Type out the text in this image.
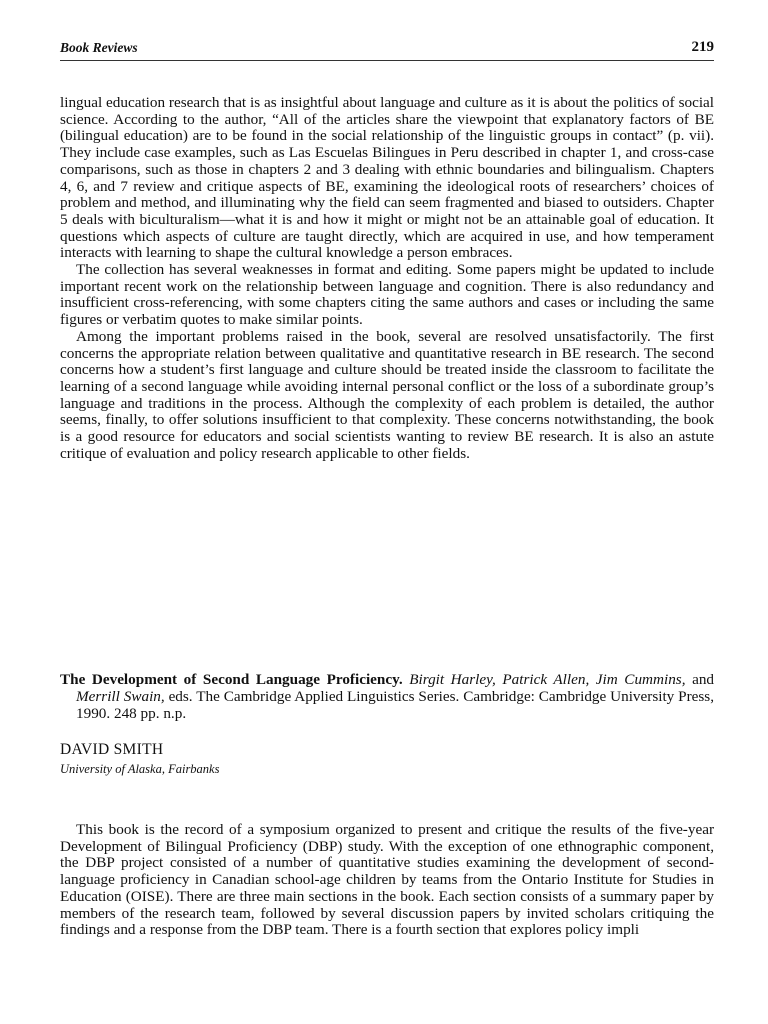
Book Reviews	219

lingual education research that is as insightful about language and culture as it is about the politics of social science. According to the author, “All of the articles share the viewpoint that explanatory factors of BE (bilingual education) are to be found in the social relationship of the linguistic groups in contact” (p. vii). They include case examples, such as Las Escuelas Bilingues in Peru described in chapter 1, and cross-case comparisons, such as those in chapters 2 and 3 dealing with ethnic boundaries and bilingualism. Chapters 4, 6, and 7 review and critique aspects of BE, examining the ideological roots of researchers’ choices of problem and method, and illuminating why the field can seem fragmented and biased to outsiders. Chapter 5 deals with biculturalism—what it is and how it might or might not be an attainable goal of education. It questions which aspects of culture are taught directly, which are acquired in use, and how temperament interacts with learning to shape the cultural knowledge a person embraces.

The collection has several weaknesses in format and editing. Some papers might be updated to include important recent work on the relationship between language and cognition. There is also redundancy and insufficient cross-referencing, with some chapters citing the same authors and cases or including the same figures or verbatim quotes to make similar points.

Among the important problems raised in the book, several are resolved unsatisfactorily. The first concerns the appropriate relation between qualitative and quantitative research in BE research. The second concerns how a student’s first language and culture should be treated inside the classroom to facilitate the learning of a second language while avoiding internal personal conflict or the loss of a subordinate group’s language and traditions in the process. Although the complexity of each problem is detailed, the author seems, finally, to offer solutions insufficient to that complexity. These concerns notwithstanding, the book is a good resource for educators and social scientists wanting to review BE research. It is also an astute critique of evaluation and policy research applicable to other fields.

The Development of Second Language Proficiency. Birgit Harley, Patrick Allen, Jim Cummins, and Merrill Swain, eds. The Cambridge Applied Linguistics Series. Cambridge: Cambridge University Press, 1990. 248 pp. n.p.
DAVID SMITH
University of Alaska, Fairbanks

This book is the record of a symposium organized to present and critique the results of the five-year Development of Bilingual Proficiency (DBP) study. With the exception of one ethnographic component, the DBP project consisted of a number of quantitative studies examining the development of second-language proficiency in Canadian school-age children by teams from the Ontario Institute for Studies in Education (OISE). There are three main sections in the book. Each section consists of a summary paper by members of the research team, followed by several discussion papers by invited scholars critiquing the findings and a response from the DBP team. There is a fourth section that explores policy impli
